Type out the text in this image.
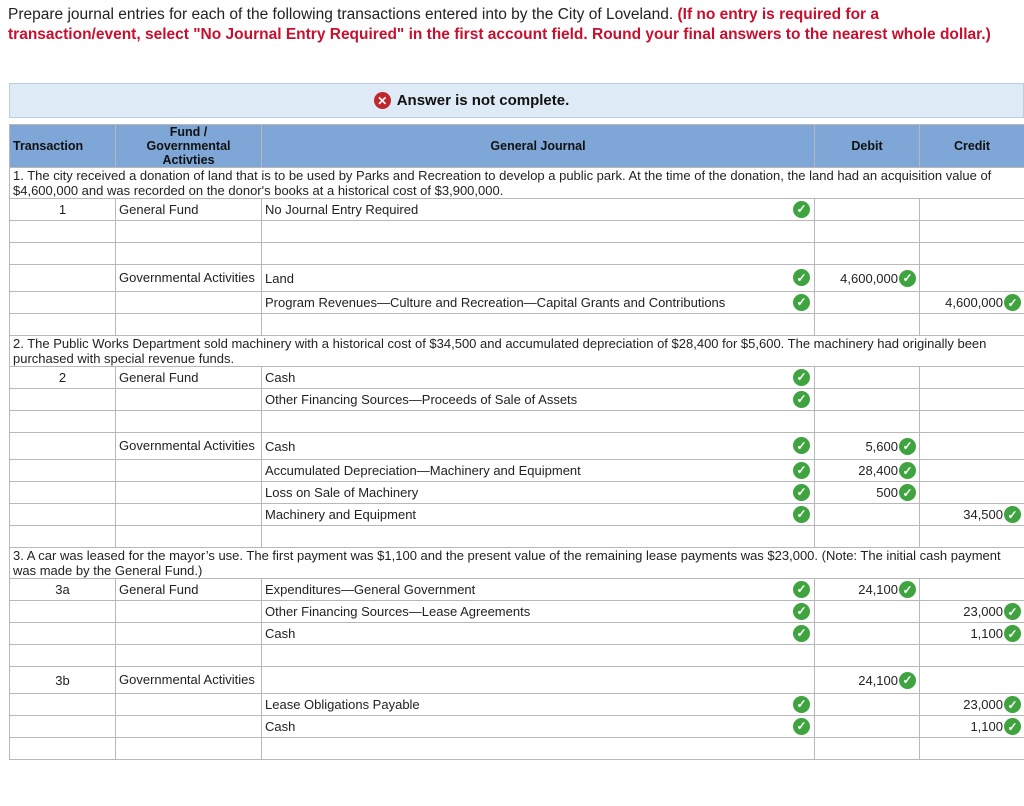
Prepare journal entries for each of the following transactions entered into by the City of Loveland. (If no entry is required for a transaction/event, select "No Journal Entry Required" in the first account field. Round your final answers to the nearest whole dollar.)
✕ Answer is not complete.
Transaction	Fund /
Governmental
Activties	General Journal	Debit	Credit
1. The city received a donation of land that is to be used by Parks and Recreation to develop a public park. At the time of the donation, the land had an acquisition value of $4,600,000 and was recorded on the donor's books at a historical cost of $3,900,000.				
1	General Fund	No Journal Entry Required ✓		

	Governmental Activities	Land ✓	4,600,000 ✓	
		Program Revenues—Culture and Recreation—Capital Grants and Contributions ✓		4,600,000 ✓

2. The Public Works Department sold machinery with a historical cost of $34,500 and accumulated depreciation of $28,400 for $5,600. The machinery had originally been purchased with special revenue funds.				
2	General Fund	Cash ✓		

		Other Financing Sources—Proceeds of Sale of Assets ✓		

	Governmental Activities	Cash ✓	5,600 ✓	
		Accumulated Depreciation—Machinery and Equipment ✓	28,400 ✓	
		Loss on Sale of Machinery ✓	500 ✓	
		Machinery and Equipment ✓		34,500 ✓

3. A car was leased for the mayor’s use. The first payment was $1,100 and the present value of the remaining lease payments was $23,000. (Note: The initial cash payment was made by the General Fund.)				
3a	General Fund	Expenditures—General Government ✓	24,100 ✓	
		Other Financing Sources—Lease Agreements ✓		23,000 ✓
		Cash ✓		1,100 ✓

3b	Governmental Activities		24,100 ✓	
		Lease Obligations Payable ✓		23,000 ✓
		Cash ✓		1,100 ✓
